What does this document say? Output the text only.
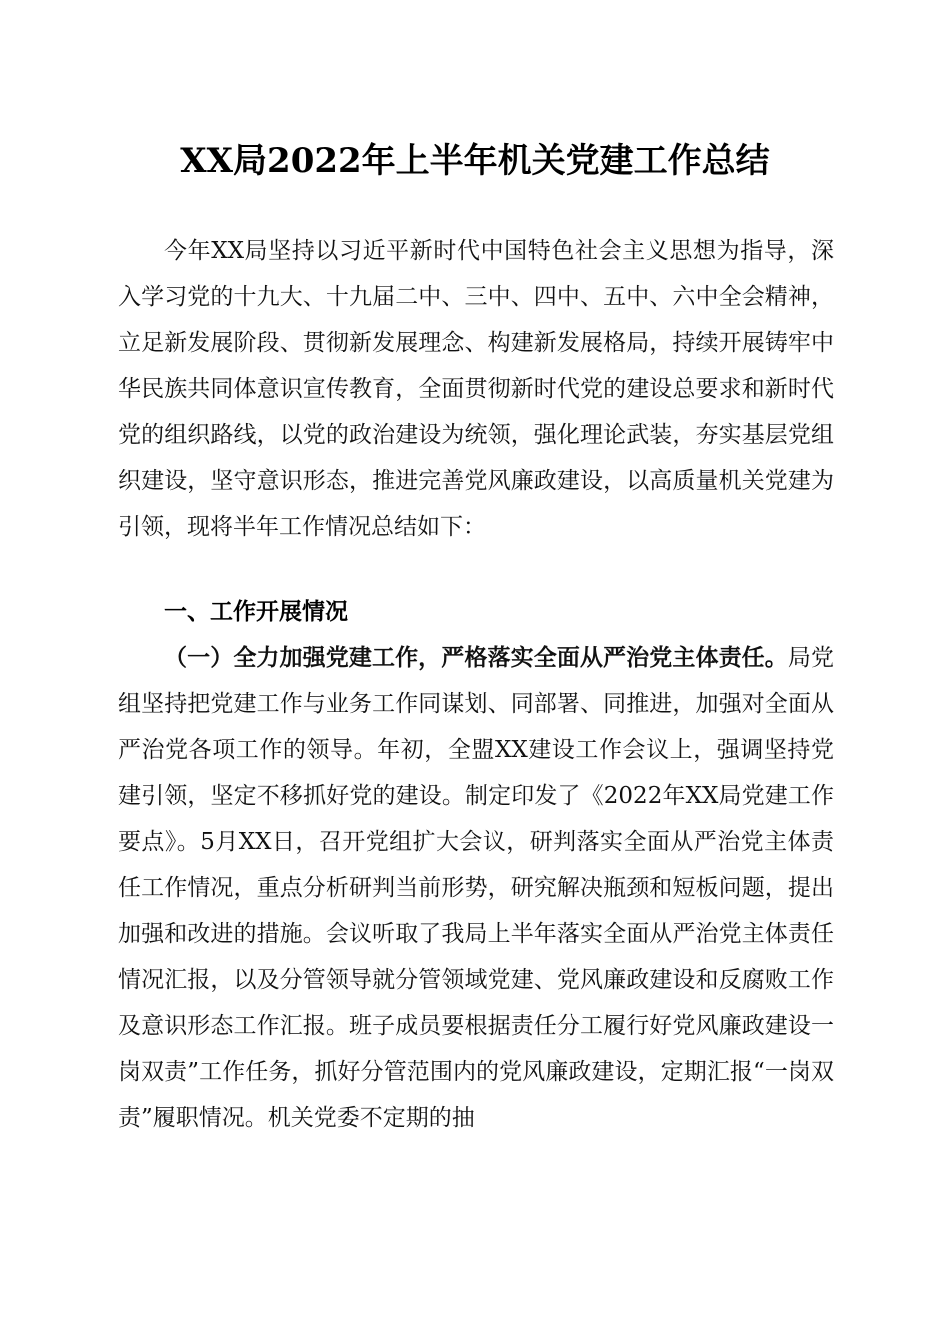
XX局2022年上半年机关党建工作总结

今年XX局坚持以习近平新时代中国特色社会主义思想为指导，深入学习党的十九大、十九届二中、三中、四中、五中、六中全会精神，立足新发展阶段、贯彻新发展理念、构建新发展格局，持续开展铸牢中华民族共同体意识宣传教育，全面贯彻新时代党的建设总要求和新时代党的组织路线，以党的政治建设为统领，强化理论武装，夯实基层党组织建设，坚守意识形态，推进完善党风廉政建设，以高质量机关党建为引领，现将半年工作情况总结如下：

一、工作开展情况

（一）全力加强党建工作，严格落实全面从严治党主体责任。局党组坚持把党建工作与业务工作同谋划、同部署、同推进，加强对全面从严治党各项工作的领导。年初，全盟XX建设工作会议上，强调坚持党建引领，坚定不移抓好党的建设。制定印发了《2022年XX局党建工作要点》。5月XX日，召开党组扩大会议，研判落实全面从严治党主体责任工作情况，重点分析研判当前形势，研究解决瓶颈和短板问题，提出加强和改进的措施。会议听取了我局上半年落实全面从严治党主体责任情况汇报，以及分管领导就分管领域党建、党风廉政建设和反腐败工作及意识形态工作汇报。班子成员要根据责任分工履行好党风廉政建设一岗双责”工作任务，抓好分管范围内的党风廉政建设，定期汇报“一岗双责”履职情况。机关党委不定期的抽
